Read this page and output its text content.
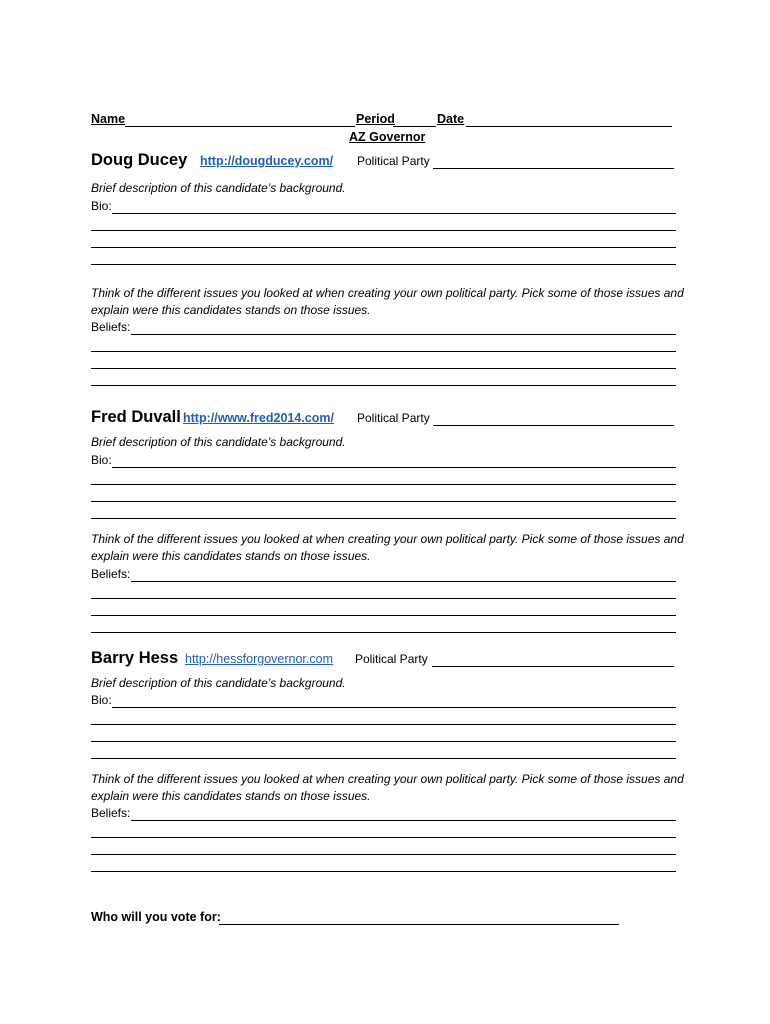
Name	Period	Date
AZ Governor
Doug Ducey http://dougducey.com/ Political Party
Brief description of this candidate’s background.
Bio:
Think of the different issues you looked at when creating your own political party. Pick some of those issues and explain were this candidates stands on those issues.
Beliefs:
Fred Duvall http://www.fred2014.com/ Political Party
Brief description of this candidate’s background.
Bio:
Think of the different issues you looked at when creating your own political party. Pick some of those issues and explain were this candidates stands on those issues.
Beliefs:
Barry Hess http://hessforgovernor.com Political Party
Brief description of this candidate’s background.
Bio:
Think of the different issues you looked at when creating your own political party. Pick some of those issues and explain were this candidates stands on those issues.
Beliefs:
Who will you vote for:
